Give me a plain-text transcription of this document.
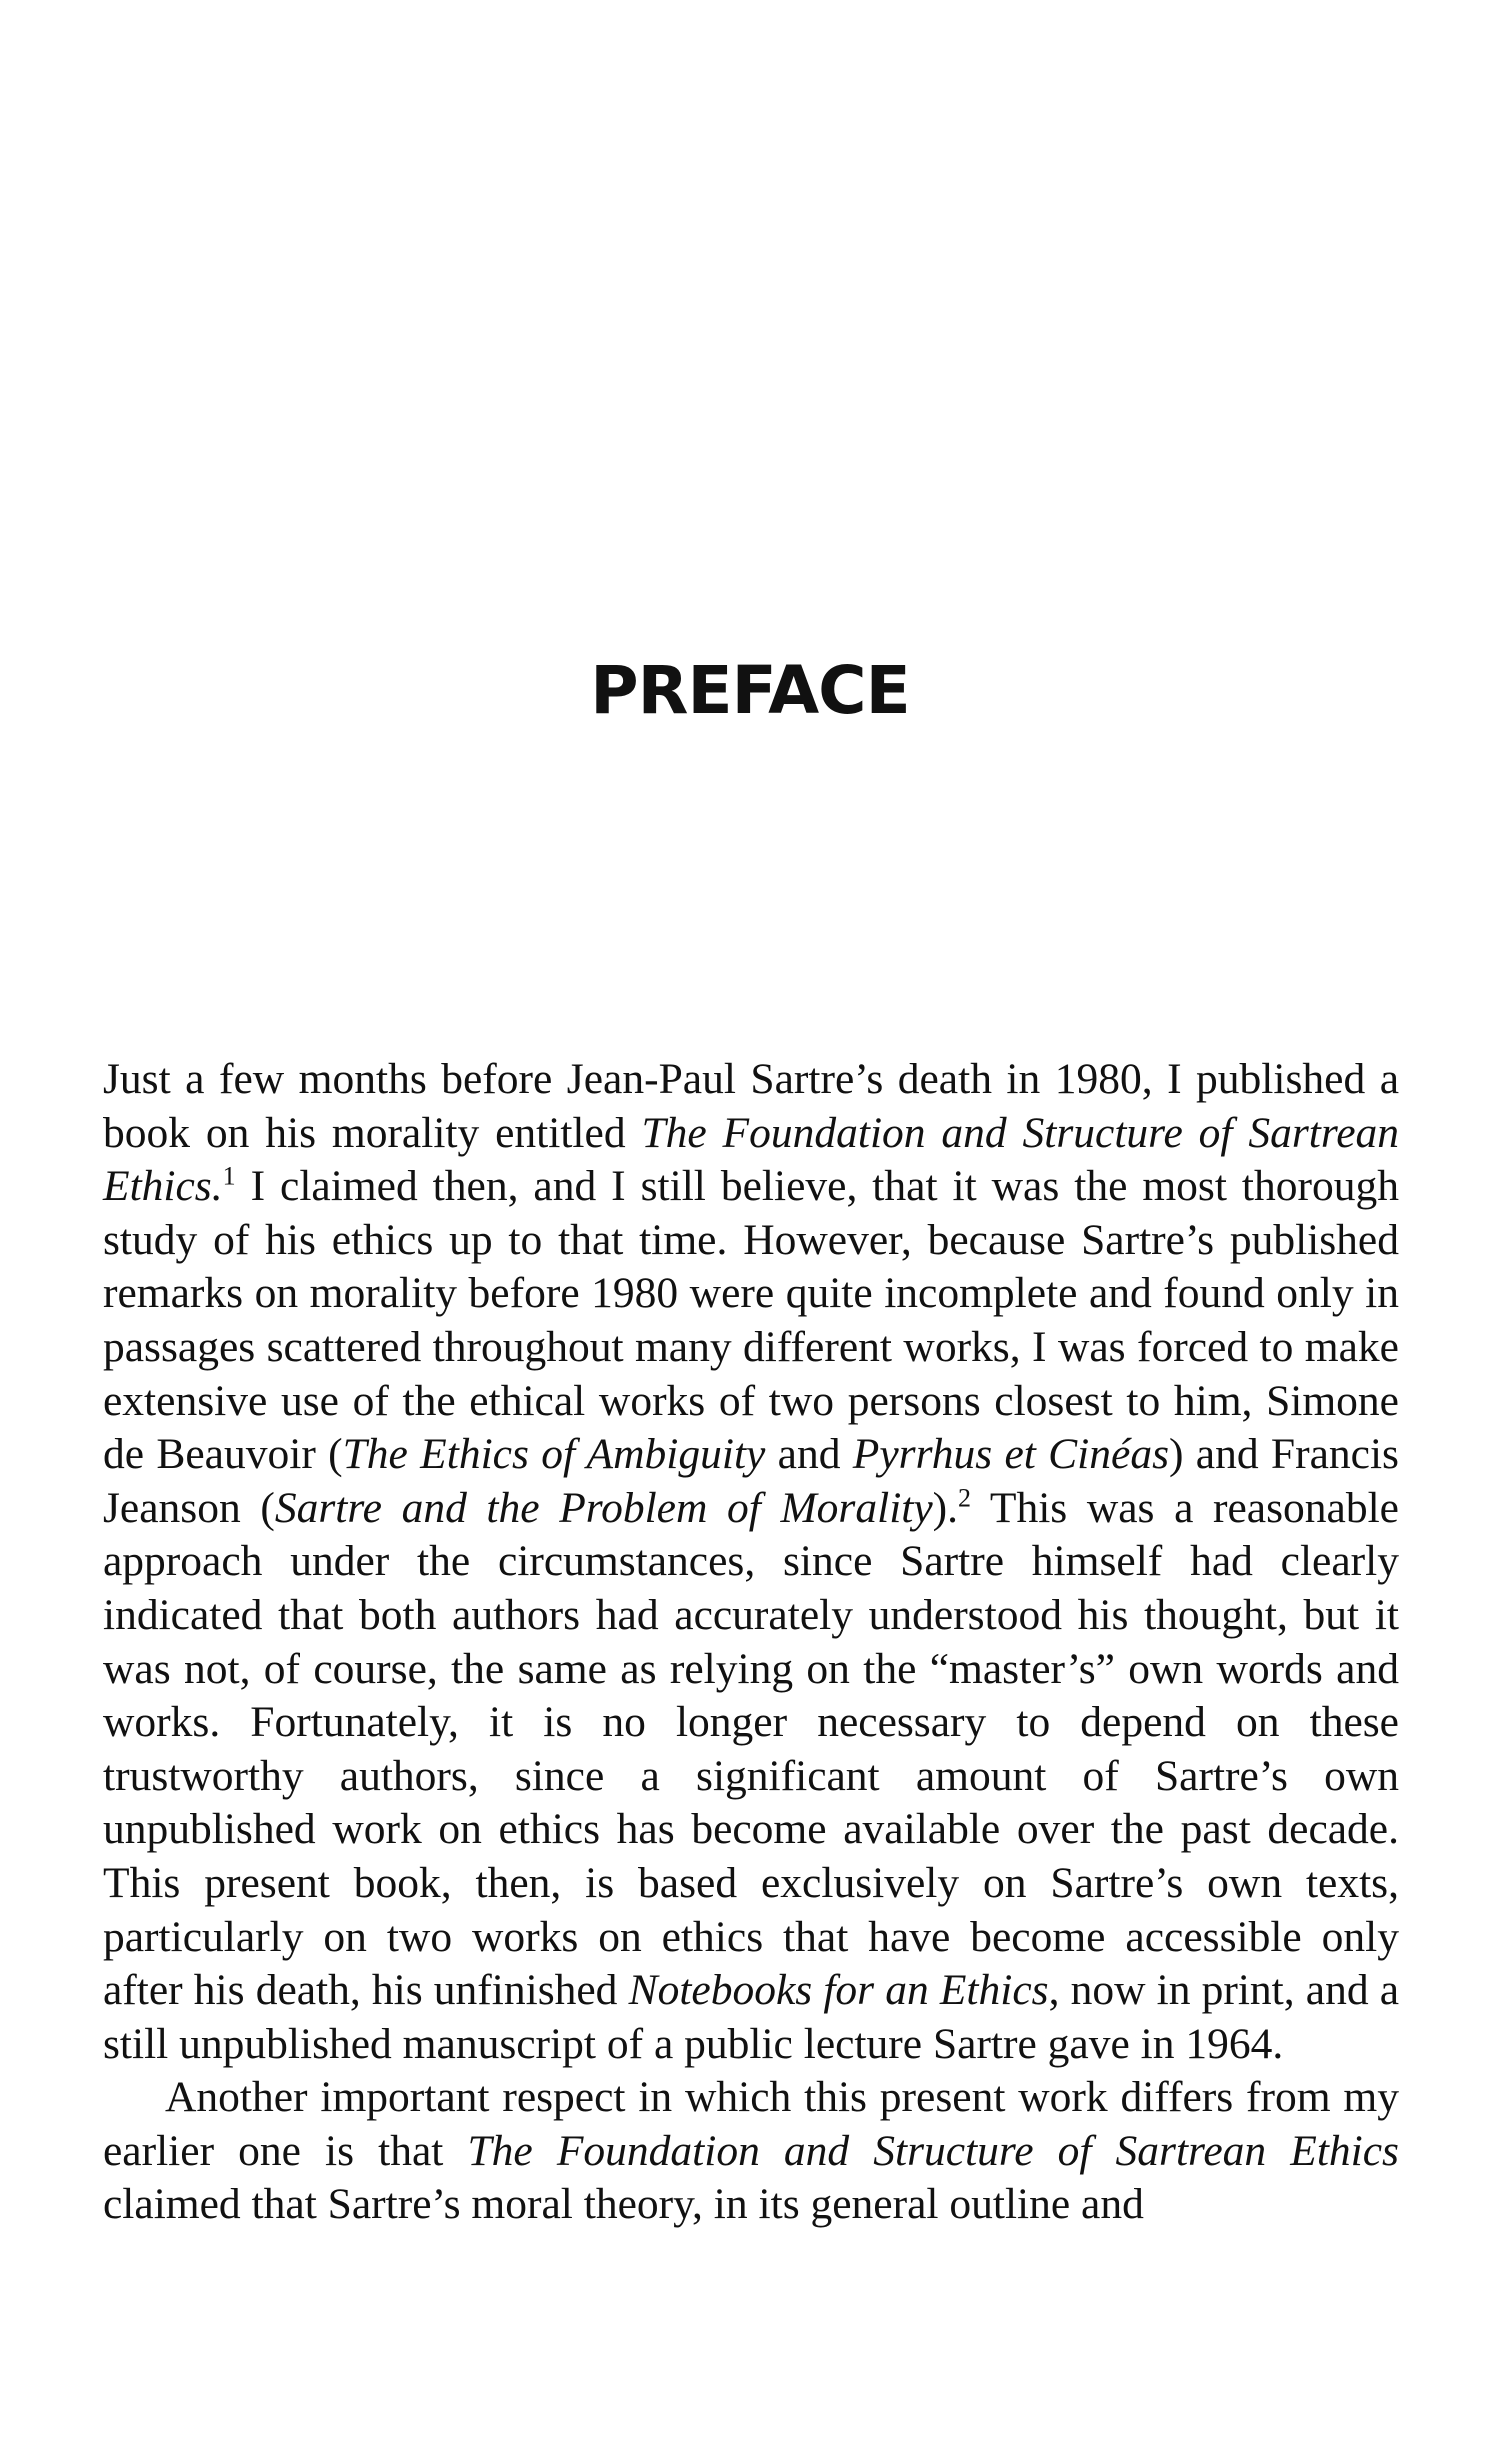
PREFACE

Just a few months before Jean-Paul Sartre’s death in 1980, I published a book on his morality entitled The Foundation and Structure of Sartrean Ethics.$^1$ I claimed then, and I still believe, that it was the most thorough study of his ethics up to that time. However, because Sartre’s published remarks on morality before 1980 were quite incomplete and found only in passages scattered throughout many different works, I was forced to make extensive use of the ethical works of two persons closest to him, Simone de Beauvoir (The Ethics of Ambiguity and Pyrrhus et Cinéas) and Francis Jeanson (Sartre and the Problem of Morality).$^2$ This was a reasonable approach under the circumstances, since Sartre himself had clearly indicated that both authors had accurately understood his thought, but it was not, of course, the same as relying on the “master’s” own words and works. Fortunately, it is no longer necessary to depend on these trustworthy authors, since a significant amount of Sartre’s own unpublished work on ethics has become available over the past decade. This present book, then, is based exclusively on Sartre’s own texts, particularly on two works on ethics that have become accessible only after his death, his unfinished Notebooks for an Ethics, now in print, and a still unpublished manuscript of a public lecture Sartre gave in 1964.

Another important respect in which this present work differs from my earlier one is that The Foundation and Structure of Sartrean Ethics claimed that Sartre’s moral theory, in its general outline and
